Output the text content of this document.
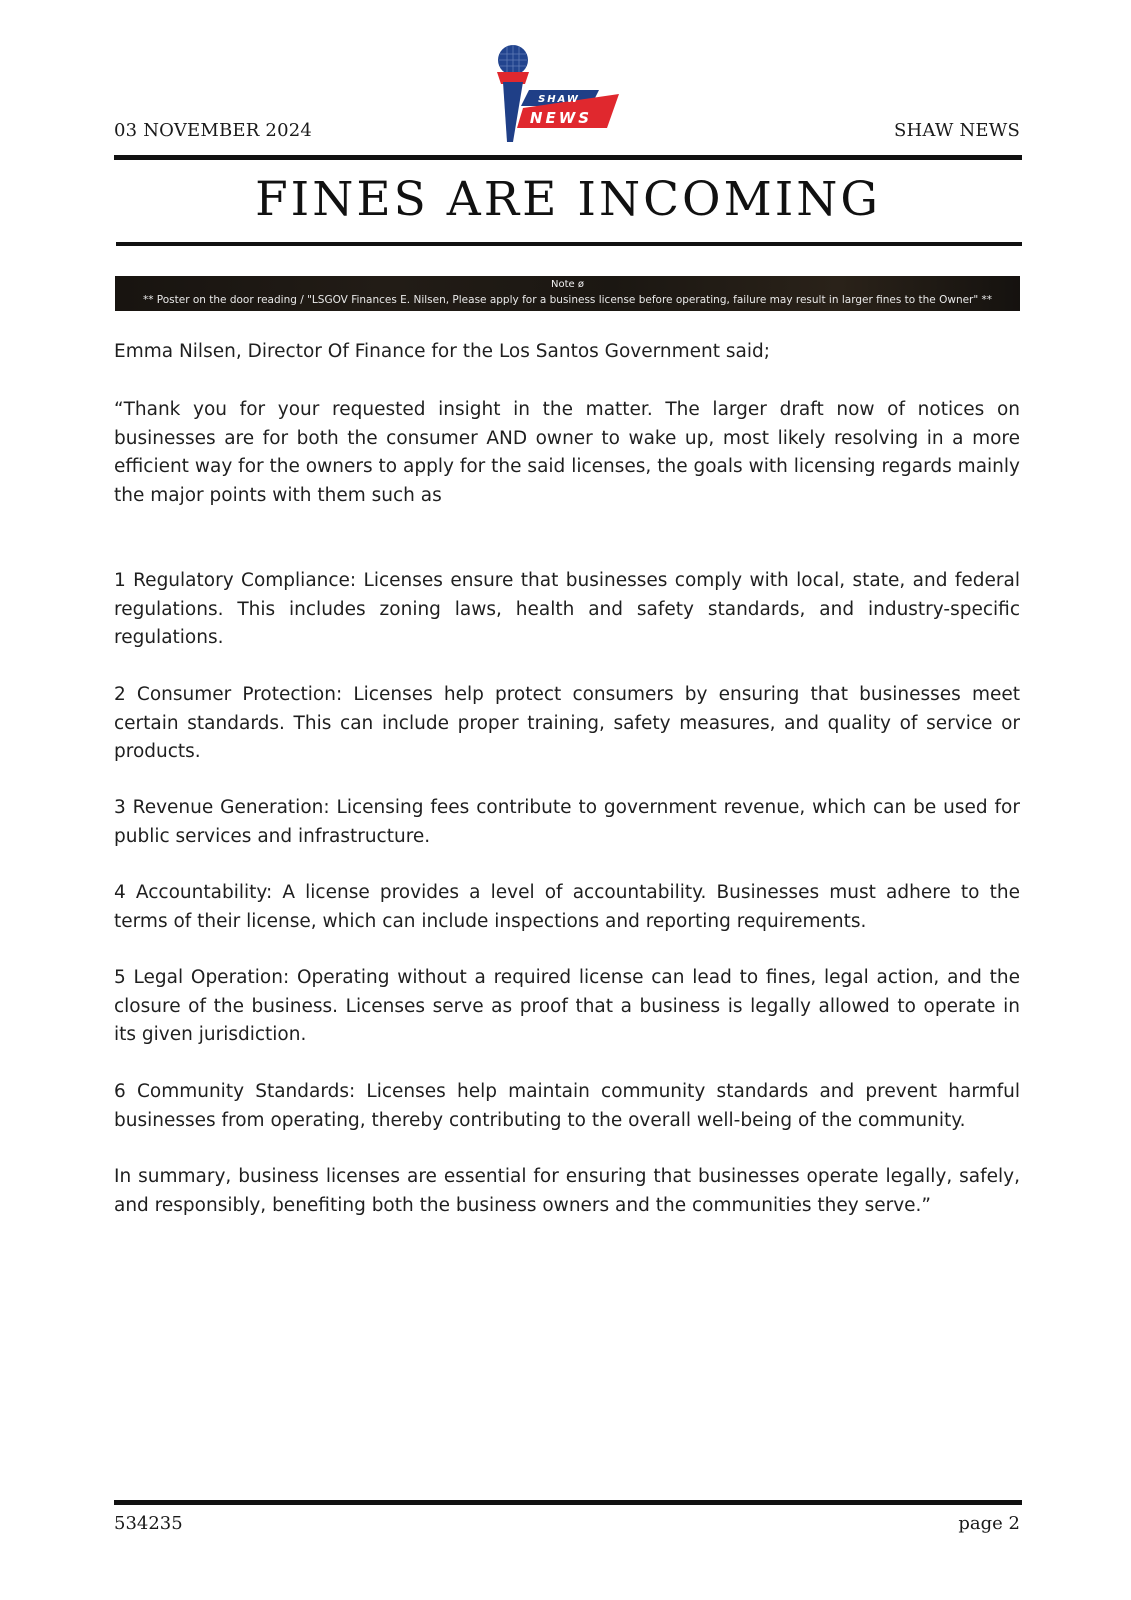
03 NOVEMBER 2024	SHAW NEWS
SHAW
NEWS
FINES ARE INCOMING
Note ø
** Poster on the door reading / "LSGOV Finances E. Nilsen, Please apply for a business license before operating, failure may result in larger fines to the Owner" **

Emma Nilsen, Director Of Finance for the Los Santos Government said;

“Thank you for your requested insight in the matter. The larger draft now of notices on businesses are for both the consumer AND owner to wake up, most likely resolving in a more efficient way for the owners to apply for the said licenses, the goals with licensing regards mainly the major points with them such as

1 Regulatory Compliance: Licenses ensure that businesses comply with local, state, and federal regulations. This includes zoning laws, health and safety standards, and industry-specific regulations.

2 Consumer Protection: Licenses help protect consumers by ensuring that businesses meet certain standards. This can include proper training, safety measures, and quality of service or products.

3 Revenue Generation: Licensing fees contribute to government revenue, which can be used for public services and infrastructure.

4 Accountability: A license provides a level of accountability. Businesses must adhere to the terms of their license, which can include inspections and reporting requirements.

5 Legal Operation: Operating without a required license can lead to fines, legal action, and the closure of the business. Licenses serve as proof that a business is legally allowed to operate in its given jurisdiction.

6 Community Standards: Licenses help maintain community standards and prevent harmful businesses from operating, thereby contributing to the overall well-being of the community.

In summary, business licenses are essential for ensuring that businesses operate legally, safely, and responsibly, benefiting both the business owners and the communities they serve.”

534235	page 2
